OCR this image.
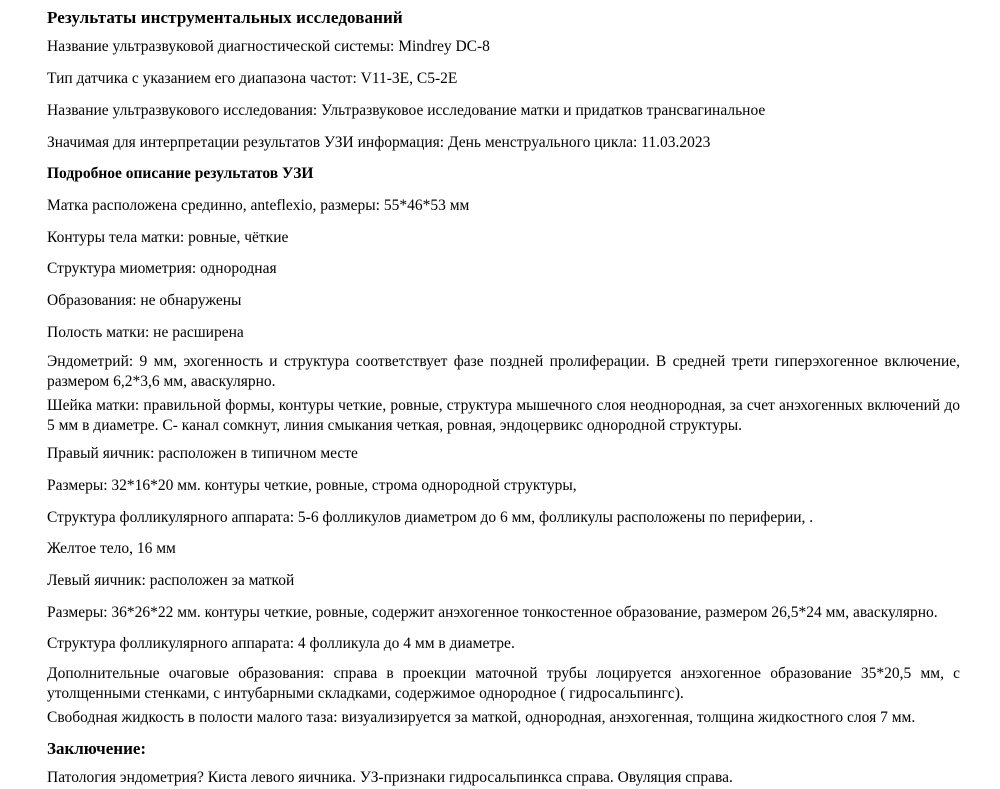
Результаты инструментальных исследований

Название ультразвуковой диагностической системы: Mindrey DC-8

Тип датчика с указанием его диапазона частот: V11-3E, C5-2E

Название ультразвукового исследования: Ультразвуковое исследование матки и придатков трансвагинальное

Значимая для интерпретации результатов УЗИ информация: День менструального цикла: 11.03.2023

Подробное описание результатов УЗИ

Матка расположена срединно, anteflexio, размеры: 55*46*53 мм

Контуры тела матки: ровные, чёткие

Структура миометрия: однородная

Образования: не обнаружены

Полость матки: не расширена

Эндометрий: 9 мм, эхогенность и структура соответствует фазе поздней пролиферации. В средней трети гиперэхогенное включение, размером 6,2*3,6 мм, аваскулярно.

Шейка матки: правильной формы, контуры четкие, ровные, структура мышечного слоя неоднородная, за счет анэхогенных включений до 5 мм в диаметре. С- канал сомкнут, линия смыкания четкая, ровная, эндоцервикс однородной структуры.

Правый яичник: расположен в типичном месте

Размеры: 32*16*20 мм. контуры четкие, ровные, строма однородной структуры,

Структура фолликулярного аппарата: 5-6 фолликулов диаметром до 6 мм, фолликулы расположены по периферии, .

Желтое тело, 16 мм

Левый яичник: расположен за маткой

Размеры: 36*26*22 мм. контуры четкие, ровные, содержит анэхогенное тонкостенное образование, размером 26,5*24 мм, аваскулярно.

Структура фолликулярного аппарата: 4 фолликула до 4 мм в диаметре.

Дополнительные очаговые образования: справа в проекции маточной трубы лоцируется анэхогенное образование 35*20,5 мм, с утолщенными стенками, с интубарными складками, содержимое однородное ( гидросальпингс).

Свободная жидкость в полости малого таза: визуализируется за маткой, однородная, анэхогенная, толщина жидкостного слоя 7 мм.

Заключение:

Патология эндометрия? Киста левого яичника. УЗ-признаки гидросальпинкса справа. Овуляция справа.
